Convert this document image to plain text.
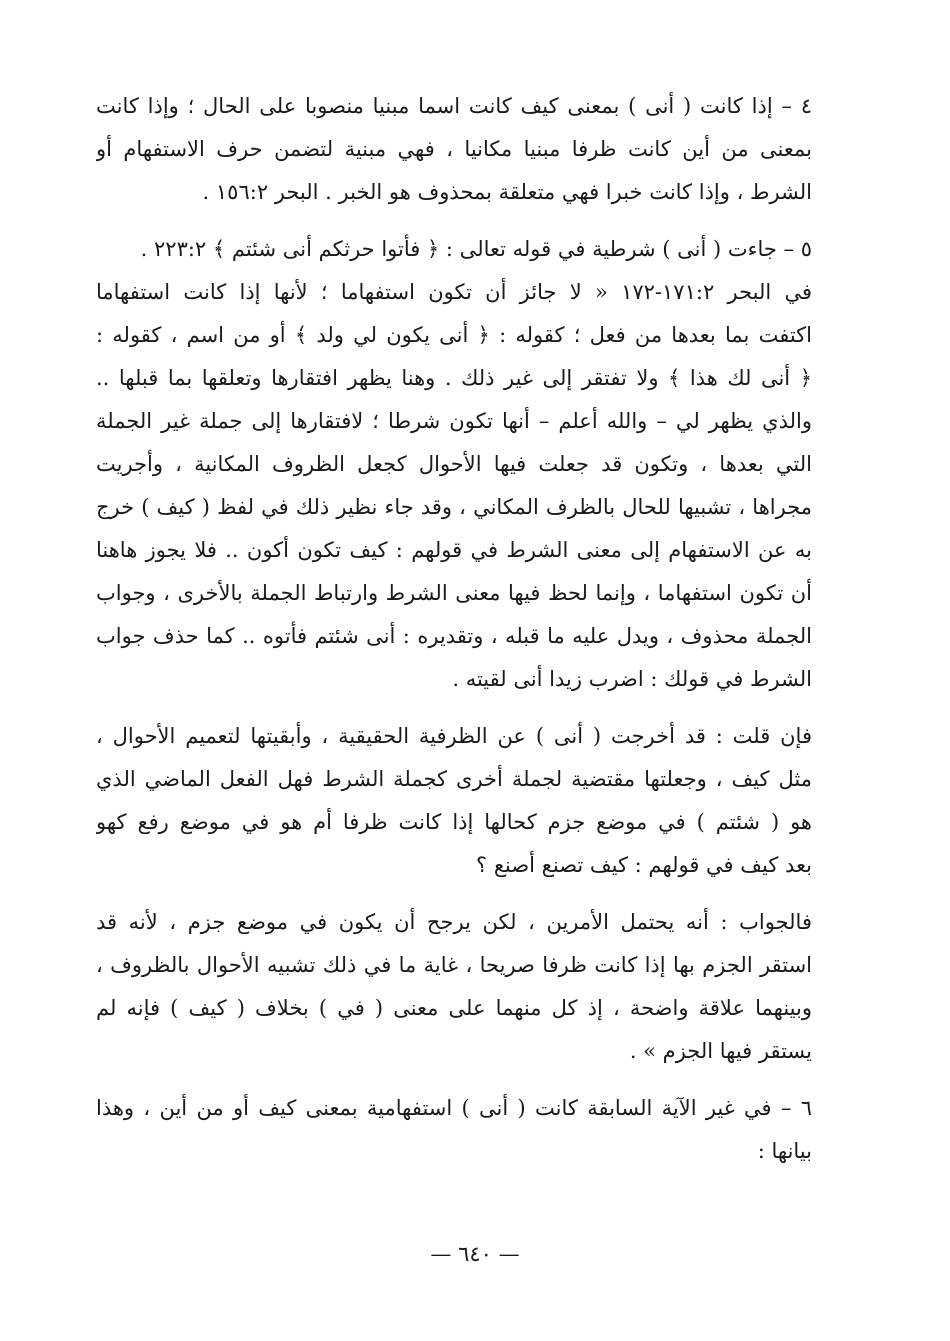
٤ – إذا كانت ( أنى ) بمعنى كيف كانت اسما مبنيا منصوبا على الحال ؛ وإذا كانت
بمعنى من أين كانت ظرفا مبنيا مكانيا ، فهي مبنية لتضمن حرف الاستفهام أو
الشرط ، وإذا كانت خبرا فهي متعلقة بمحذوف هو الخبر . البحر ١٥٦:٢ .
٥ – جاءت ( أنى ) شرطية في قوله تعالى : ﴿ فأتوا حرثكم أنى شئتم ﴾ ٢٢٣:٢ .
في البحر ١٧١:٢-١٧٢ « لا جائز أن تكون استفهاما ؛ لأنها إذا كانت استفهاما
اكتفت بما بعدها من فعل ؛ كقوله : ﴿ أنى يكون لي ولد ﴾ أو من اسم ، كقوله :
﴿ أنى لك هذا ﴾ ولا تفتقر إلى غير ذلك . وهنا يظهر افتقارها وتعلقها بما قبلها ..
والذي يظهر لي – والله أعلم – أنها تكون شرطا ؛ لافتقارها إلى جملة غير الجملة
التي بعدها ، وتكون قد جعلت فيها الأحوال كجعل الظروف المكانية ، وأجريت
مجراها ، تشبيها للحال بالظرف المكاني ، وقد جاء نظير ذلك في لفظ ( كيف ) خرج
به عن الاستفهام إلى معنى الشرط في قولهم : كيف تكون أكون .. فلا يجوز هاهنا
أن تكون استفهاما ، وإنما لحظ فيها معنى الشرط وارتباط الجملة بالأخرى ، وجواب
الجملة محذوف ، ويدل عليه ما قبله ، وتقديره : أنى شئتم فأتوه .. كما حذف جواب
الشرط في قولك : اضرب زيدا أنى لقيته .
فإن قلت : قد أخرجت ( أنى ) عن الظرفية الحقيقية ، وأبقيتها لتعميم الأحوال ،
مثل كيف ، وجعلتها مقتضية لجملة أخرى كجملة الشرط فهل الفعل الماضي الذي
هو ( شئتم ) في موضع جزم كحالها إذا كانت ظرفا أم هو في موضع رفع كهو
بعد كيف في قولهم : كيف تصنع أصنع ؟
فالجواب : أنه يحتمل الأمرين ، لكن يرجح أن يكون في موضع جزم ، لأنه قد
استقر الجزم بها إذا كانت ظرفا صريحا ، غاية ما في ذلك تشبيه الأحوال بالظروف ،
وبينهما علاقة واضحة ، إذ كل منهما على معنى ( في ) بخلاف ( كيف ) فإنه لم
يستقر فيها الجزم » .
٦ – في غير الآية السابقة كانت ( أنى ) استفهامية بمعنى كيف أو من أين ، وهذا
بيانها :
— ٦٤٠ —
